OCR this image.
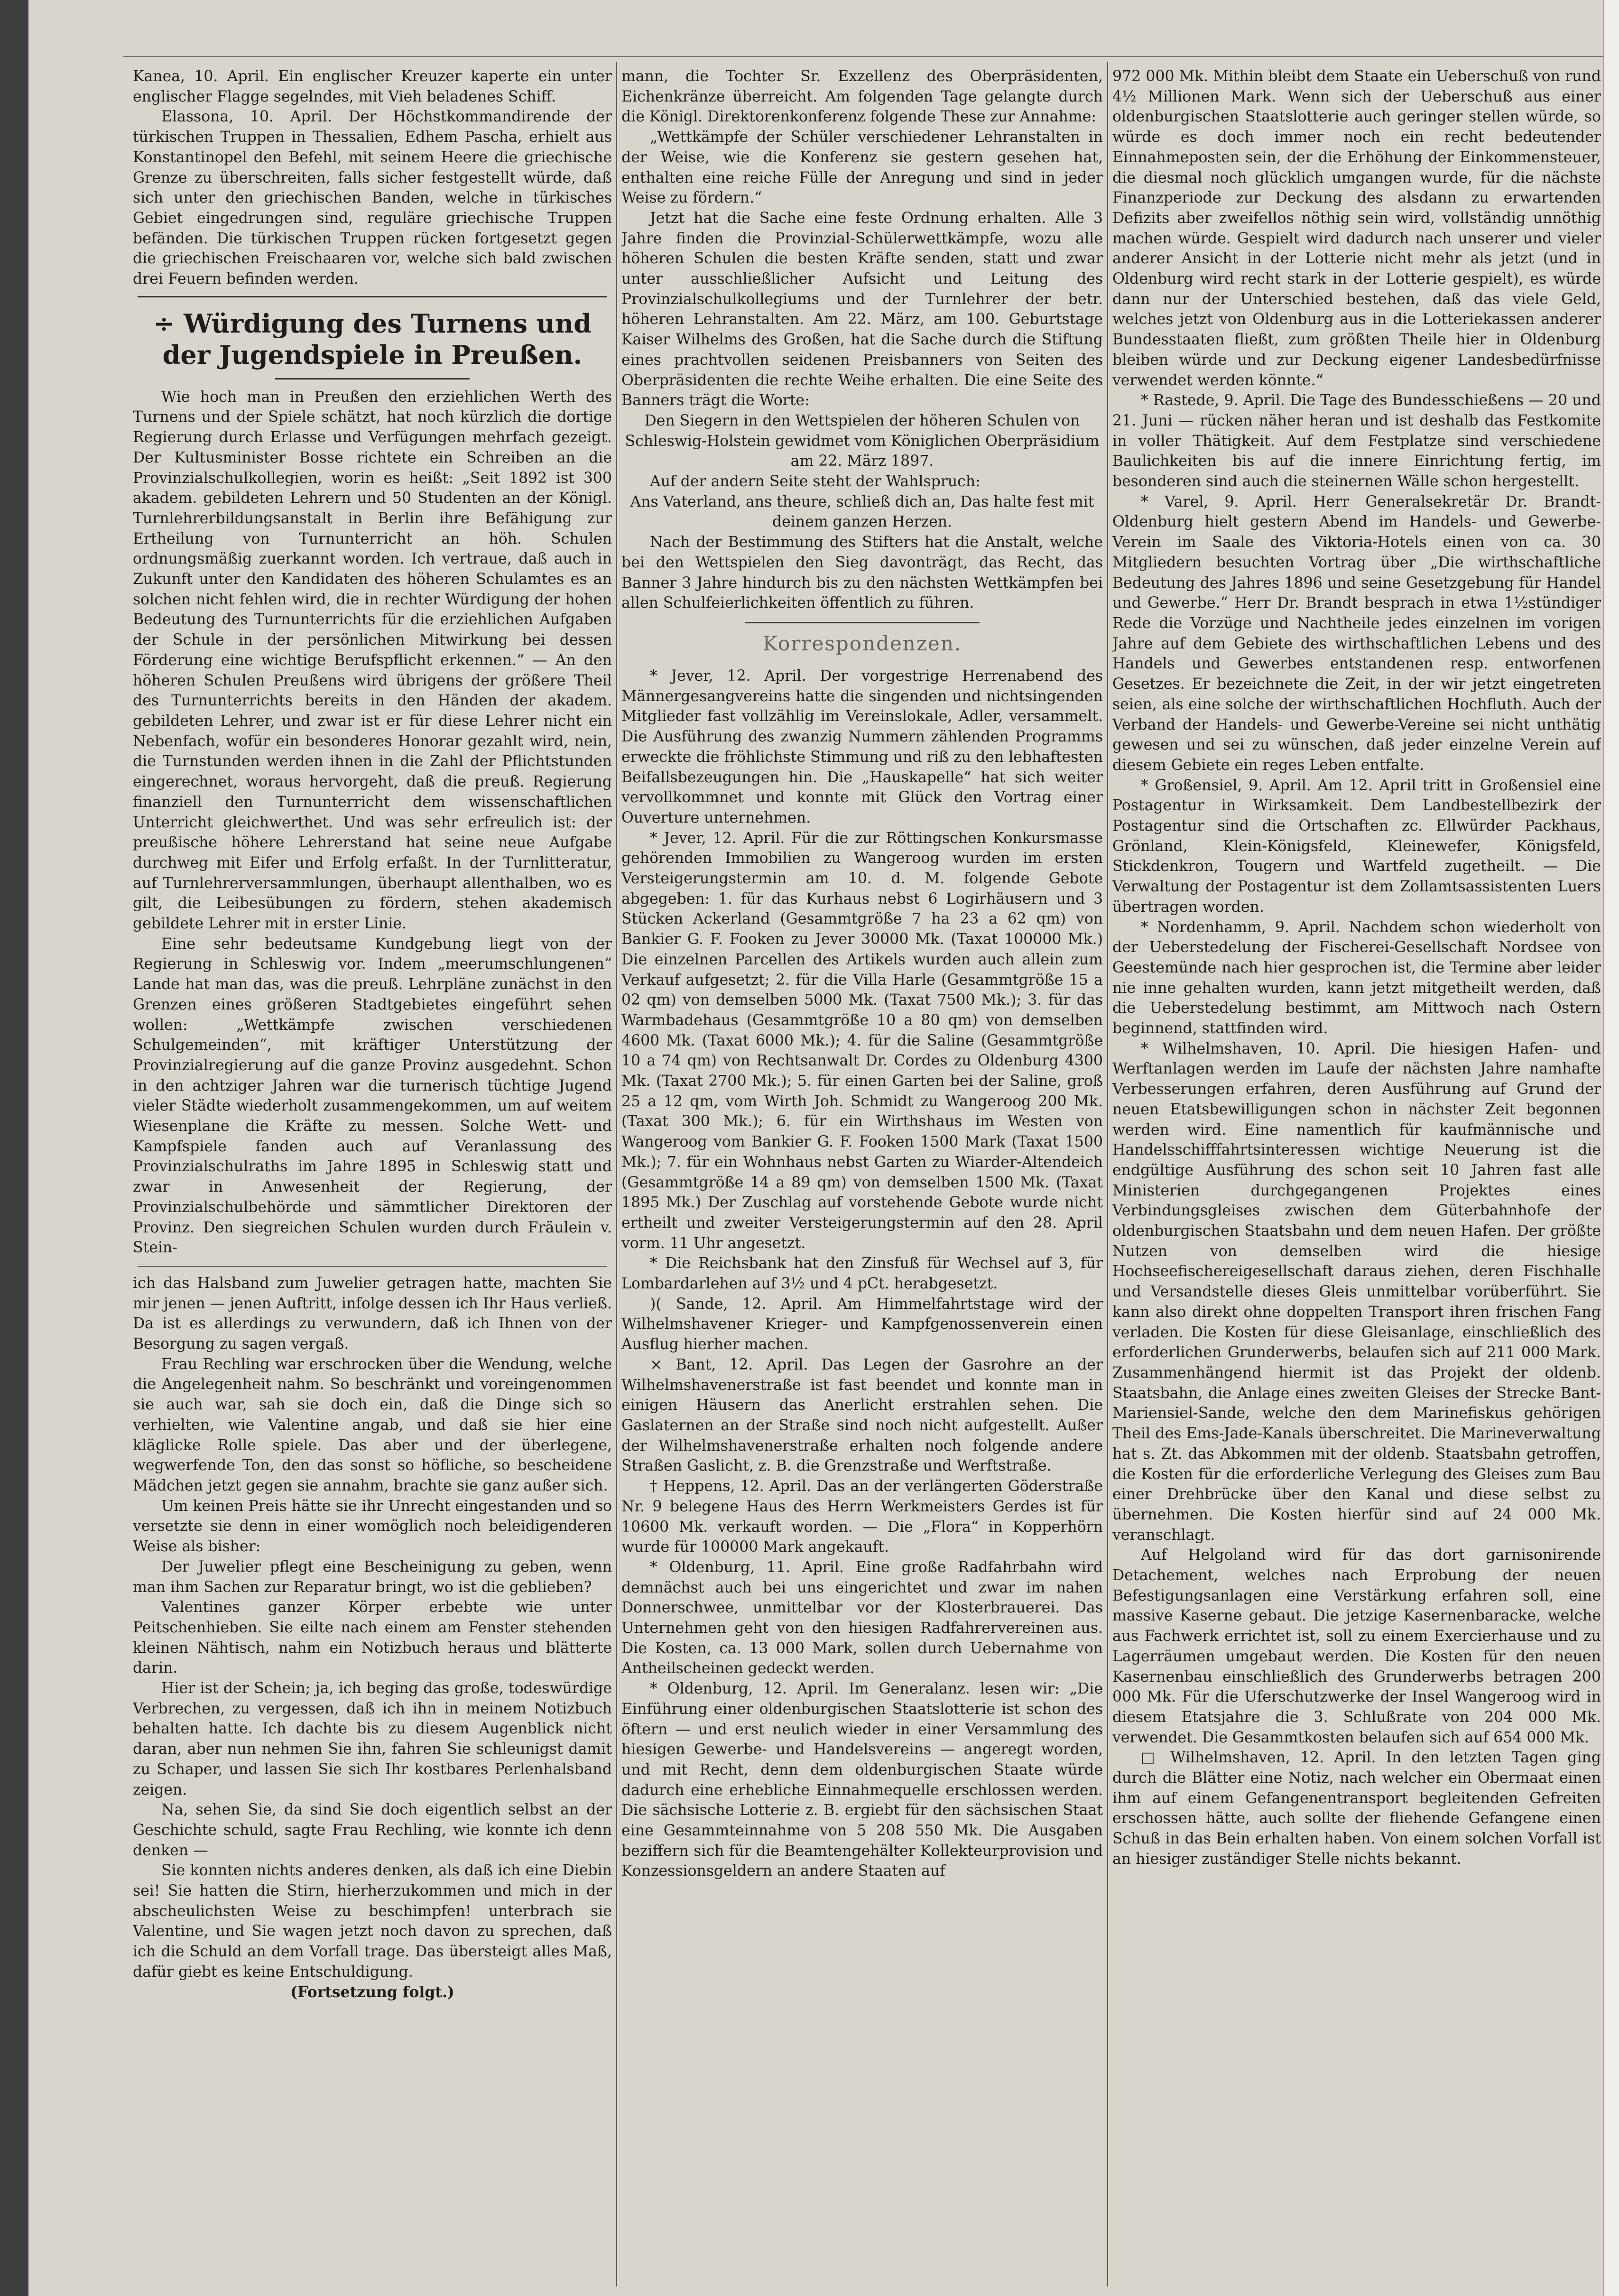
Kanea, 10. April. Ein englischer Kreuzer kaperte ein unter englischer Flagge segelndes, mit Vieh beladenes Schiff.

Elassona, 10. April. Der Höchstkommandirende der türkischen Truppen in Thessalien, Edhem Pascha, erhielt aus Konstantinopel den Befehl, mit seinem Heere die griechische Grenze zu überschreiten, falls sicher festgestellt würde, daß sich unter den griechischen Banden, welche in türkisches Gebiet eingedrungen sind, reguläre griechische Truppen befänden. Die türkischen Truppen rücken fortgesetzt gegen die griechischen Freischaaren vor, welche sich bald zwischen drei Feuern befinden werden.

÷ Würdigung des Turnens und der Jugendspiele in Preußen.

Wie hoch man in Preußen den erziehlichen Werth des Turnens und der Spiele schätzt, hat noch kürzlich die dortige Regierung durch Erlasse und Verfügungen mehrfach gezeigt. Der Kultusminister Bosse richtete ein Schreiben an die Provinzialschulkollegien, worin es heißt: „Seit 1892 ist 300 akadem. gebildeten Lehrern und 50 Studenten an der Königl. Turnlehrerbildungsanstalt in Berlin ihre Befähigung zur Ertheilung von Turnunterricht an höh. Schulen ordnungsmäßig zuerkannt worden. Ich vertraue, daß auch in Zukunft unter den Kandidaten des höheren Schulamtes es an solchen nicht fehlen wird, die in rechter Würdigung der hohen Bedeutung des Turnunterrichts für die erziehlichen Aufgaben der Schule in der persönlichen Mitwirkung bei dessen Förderung eine wichtige Berufspflicht erkennen.“ — An den höheren Schulen Preußens wird übrigens der größere Theil des Turnunterrichts bereits in den Händen der akadem. gebildeten Lehrer, und zwar ist er für diese Lehrer nicht ein Nebenfach, wofür ein besonderes Honorar gezahlt wird, nein, die Turnstunden werden ihnen in die Zahl der Pflichtstunden eingerechnet, woraus hervorgeht, daß die preuß. Regierung finanziell den Turnunterricht dem wissenschaftlichen Unterricht gleichwerthet. Und was sehr erfreulich ist: der preußische höhere Lehrerstand hat seine neue Aufgabe durchweg mit Eifer und Erfolg erfaßt. In der Turnlitteratur, auf Turnlehrerversammlungen, überhaupt allenthalben, wo es gilt, die Leibesübungen zu fördern, stehen akademisch gebildete Lehrer mit in erster Linie.

Eine sehr bedeutsame Kundgebung liegt von der Regierung in Schleswig vor. Indem „meerumschlungenen“ Lande hat man das, was die preuß. Lehrpläne zunächst in den Grenzen eines größeren Stadtgebietes eingeführt sehen wollen: „Wettkämpfe zwischen verschiedenen Schulgemeinden“, mit kräftiger Unterstützung der Provinzialregierung auf die ganze Provinz ausgedehnt. Schon in den achtziger Jahren war die turnerisch tüchtige Jugend vieler Städte wiederholt zusammengekommen, um auf weitem Wiesenplane die Kräfte zu messen. Solche Wett- und Kampfspiele fanden auch auf Veranlassung des Provinzialschulraths im Jahre 1895 in Schleswig statt und zwar in Anwesenheit der Regierung, der Provinzialschulbehörde und sämmtlicher Direktoren der Provinz. Den siegreichen Schulen wurden durch Fräulein v. Stein-

ich das Halsband zum Juwelier getragen hatte, machten Sie mir jenen — jenen Auftritt, infolge dessen ich Ihr Haus verließ. Da ist es allerdings zu verwundern, daß ich Ihnen von der Besorgung zu sagen vergaß.

Frau Rechling war erschrocken über die Wendung, welche die Angelegenheit nahm. So beschränkt und voreingenommen sie auch war, sah sie doch ein, daß die Dinge sich so verhielten, wie Valentine angab, und daß sie hier eine kläglicke Rolle spiele. Das aber und der überlegene, wegwerfende Ton, den das sonst so höfliche, so bescheidene Mädchen jetzt gegen sie annahm, brachte sie ganz außer sich.

Um keinen Preis hätte sie ihr Unrecht eingestanden und so versetzte sie denn in einer womöglich noch beleidigenderen Weise als bisher:

Der Juwelier pflegt eine Bescheinigung zu geben, wenn man ihm Sachen zur Reparatur bringt, wo ist die geblieben?

Valentines ganzer Körper erbebte wie unter Peitschenhieben. Sie eilte nach einem am Fenster stehenden kleinen Nähtisch, nahm ein Notizbuch heraus und blätterte darin.

Hier ist der Schein; ja, ich beging das große, todeswürdige Verbrechen, zu vergessen, daß ich ihn in meinem Notizbuch behalten hatte. Ich dachte bis zu diesem Augenblick nicht daran, aber nun nehmen Sie ihn, fahren Sie schleunigst damit zu Schaper, und lassen Sie sich Ihr kostbares Perlenhalsband zeigen.

Na, sehen Sie, da sind Sie doch eigentlich selbst an der Geschichte schuld, sagte Frau Rechling, wie konnte ich denn denken —

Sie konnten nichts anderes denken, als daß ich eine Diebin sei! Sie hatten die Stirn, hierherzukommen und mich in der abscheulichsten Weise zu beschimpfen! unterbrach sie Valentine, und Sie wagen jetzt noch davon zu sprechen, daß ich die Schuld an dem Vorfall trage. Das übersteigt alles Maß, dafür giebt es keine Entschuldigung.

(Fortsetzung folgt.)

mann, die Tochter Sr. Exzellenz des Oberpräsidenten, Eichenkränze überreicht. Am folgenden Tage gelangte durch die Königl. Direktorenkonferenz folgende These zur Annahme:

„Wettkämpfe der Schüler verschiedener Lehranstalten in der Weise, wie die Konferenz sie gestern gesehen hat, enthalten eine reiche Fülle der Anregung und sind in jeder Weise zu fördern.“

Jetzt hat die Sache eine feste Ordnung erhalten. Alle 3 Jahre finden die Provinzial-Schülerwettkämpfe, wozu alle höheren Schulen die besten Kräfte senden, statt und zwar unter ausschließlicher Aufsicht und Leitung des Provinzialschulkollegiums und der Turnlehrer der betr. höheren Lehranstalten. Am 22. März, am 100. Geburtstage Kaiser Wilhelms des Großen, hat die Sache durch die Stiftung eines prachtvollen seidenen Preisbanners von Seiten des Oberpräsidenten die rechte Weihe erhalten. Die eine Seite des Banners trägt die Worte:

Den Siegern in den Wettspielen der höheren Schulen von Schleswig-Holstein gewidmet vom Königlichen Oberpräsidium am 22. März 1897.

Auf der andern Seite steht der Wahlspruch:

Ans Vaterland, ans theure, schließ dich an, Das halte fest mit deinem ganzen Herzen.

Nach der Bestimmung des Stifters hat die Anstalt, welche bei den Wettspielen den Sieg davonträgt, das Recht, das Banner 3 Jahre hindurch bis zu den nächsten Wettkämpfen bei allen Schulfeierlichkeiten öffentlich zu führen.

Korrespondenzen.

* Jever, 12. April. Der vorgestrige Herrenabend des Männergesangvereins hatte die singenden und nichtsingenden Mitglieder fast vollzählig im Vereinslokale, Adler, versammelt. Die Ausführung des zwanzig Nummern zählenden Programms erweckte die fröhlichste Stimmung und riß zu den lebhaftesten Beifallsbezeugungen hin. Die „Hauskapelle“ hat sich weiter vervollkommnet und konnte mit Glück den Vortrag einer Ouverture unternehmen.

* Jever, 12. April. Für die zur Röttingschen Konkursmasse gehörenden Immobilien zu Wangeroog wurden im ersten Versteigerungstermin am 10. d. M. folgende Gebote abgegeben: 1. für das Kurhaus nebst 6 Logirhäusern und 3 Stücken Ackerland (Gesammtgröße 7 ha 23 a 62 qm) von Bankier G. F. Fooken zu Jever 30000 Mk. (Taxat 100000 Mk.) Die einzelnen Parcellen des Artikels wurden auch allein zum Verkauf aufgesetzt; 2. für die Villa Harle (Gesammtgröße 15 a 02 qm) von demselben 5000 Mk. (Taxat 7500 Mk.); 3. für das Warmbadehaus (Gesammtgröße 10 a 80 qm) von demselben 4600 Mk. (Taxat 6000 Mk.); 4. für die Saline (Gesammtgröße 10 a 74 qm) von Rechtsanwalt Dr. Cordes zu Oldenburg 4300 Mk. (Taxat 2700 Mk.); 5. für einen Garten bei der Saline, groß 25 a 12 qm, vom Wirth Joh. Schmidt zu Wangeroog 200 Mk. (Taxat 300 Mk.); 6. für ein Wirthshaus im Westen von Wangeroog vom Bankier G. F. Fooken 1500 Mark (Taxat 1500 Mk.); 7. für ein Wohnhaus nebst Garten zu Wiarder-Altendeich (Gesammtgröße 14 a 89 qm) von demselben 1500 Mk. (Taxat 1895 Mk.) Der Zuschlag auf vorstehende Gebote wurde nicht ertheilt und zweiter Versteigerungstermin auf den 28. April vorm. 11 Uhr angesetzt.

* Die Reichsbank hat den Zinsfuß für Wechsel auf 3, für Lombardarlehen auf 3½ und 4 pCt. herabgesetzt.

)( Sande, 12. April. Am Himmelfahrtstage wird der Wilhelmshavener Krieger- und Kampfgenossenverein einen Ausflug hierher machen.

× Bant, 12. April. Das Legen der Gasrohre an der Wilhelmshavenerstraße ist fast beendet und konnte man in einigen Häusern das Anerlicht erstrahlen sehen. Die Gaslaternen an der Straße sind noch nicht aufgestellt. Außer der Wilhelmshavenerstraße erhalten noch folgende andere Straßen Gaslicht, z. B. die Grenzstraße und Werftstraße.

† Heppens, 12. April. Das an der verlängerten Göderstraße Nr. 9 belegene Haus des Herrn Werkmeisters Gerdes ist für 10600 Mk. verkauft worden. — Die „Flora“ in Kopperhörn wurde für 100000 Mark angekauft.

* Oldenburg, 11. April. Eine große Radfahrbahn wird demnächst auch bei uns eingerichtet und zwar im nahen Donnerschwee, unmittelbar vor der Klosterbrauerei. Das Unternehmen geht von den hiesigen Radfahrervereinen aus. Die Kosten, ca. 13 000 Mark, sollen durch Uebernahme von Antheilscheinen gedeckt werden.

* Oldenburg, 12. April. Im Generalanz. lesen wir: „Die Einführung einer oldenburgischen Staatslotterie ist schon des öftern — und erst neulich wieder in einer Versammlung des hiesigen Gewerbe- und Handelsvereins — angeregt worden, und mit Recht, denn dem oldenburgischen Staate würde dadurch eine erhebliche Einnahmequelle erschlossen werden. Die sächsische Lotterie z. B. ergiebt für den sächsischen Staat eine Gesammteinnahme von 5 208 550 Mk. Die Ausgaben beziffern sich für die Beamtengehälter Kollekteurprovision und Konzessionsgeldern an andere Staaten auf

972 000 Mk. Mithin bleibt dem Staate ein Ueberschuß von rund 4½ Millionen Mark. Wenn sich der Ueberschuß aus einer oldenburgischen Staatslotterie auch geringer stellen würde, so würde es doch immer noch ein recht bedeutender Einnahmeposten sein, der die Erhöhung der Einkommensteuer, die diesmal noch glücklich umgangen wurde, für die nächste Finanzperiode zur Deckung des alsdann zu erwartenden Defizits aber zweifellos nöthig sein wird, vollständig unnöthig machen würde. Gespielt wird dadurch nach unserer und vieler anderer Ansicht in der Lotterie nicht mehr als jetzt (und in Oldenburg wird recht stark in der Lotterie gespielt), es würde dann nur der Unterschied bestehen, daß das viele Geld, welches jetzt von Oldenburg aus in die Lotteriekassen anderer Bundesstaaten fließt, zum größten Theile hier in Oldenburg bleiben würde und zur Deckung eigener Landesbedürfnisse verwendet werden könnte.“

* Rastede, 9. April. Die Tage des Bundesschießens — 20 und 21. Juni — rücken näher heran und ist deshalb das Festkomite in voller Thätigkeit. Auf dem Festplatze sind verschiedene Baulichkeiten bis auf die innere Einrichtung fertig, im besonderen sind auch die steinernen Wälle schon hergestellt.

* Varel, 9. April. Herr Generalsekretär Dr. Brandt-Oldenburg hielt gestern Abend im Handels- und Gewerbe-Verein im Saale des Viktoria-Hotels einen von ca. 30 Mitgliedern besuchten Vortrag über „Die wirthschaftliche Bedeutung des Jahres 1896 und seine Gesetzgebung für Handel und Gewerbe.“ Herr Dr. Brandt besprach in etwa 1½stündiger Rede die Vorzüge und Nachtheile jedes einzelnen im vorigen Jahre auf dem Gebiete des wirthschaftlichen Lebens und des Handels und Gewerbes entstandenen resp. entworfenen Gesetzes. Er bezeichnete die Zeit, in der wir jetzt eingetreten seien, als eine solche der wirthschaftlichen Hochfluth. Auch der Verband der Handels- und Gewerbe-Vereine sei nicht unthätig gewesen und sei zu wünschen, daß jeder einzelne Verein auf diesem Gebiete ein reges Leben entfalte.

* Großensiel, 9. April. Am 12. April tritt in Großensiel eine Postagentur in Wirksamkeit. Dem Landbestellbezirk der Postagentur sind die Ortschaften zc. Ellwürder Packhaus, Grönland, Klein-Königsfeld, Kleinewefer, Königsfeld, Stickdenkron, Tougern und Wartfeld zugetheilt. — Die Verwaltung der Postagentur ist dem Zollamtsassistenten Luers übertragen worden.

* Nordenhamm, 9. April. Nachdem schon wiederholt von der Ueberstedelung der Fischerei-Gesellschaft Nordsee von Geestemünde nach hier gesprochen ist, die Termine aber leider nie inne gehalten wurden, kann jetzt mitgetheilt werden, daß die Ueberstedelung bestimmt, am Mittwoch nach Ostern beginnend, stattfinden wird.

* Wilhelmshaven, 10. April. Die hiesigen Hafen- und Werftanlagen werden im Laufe der nächsten Jahre namhafte Verbesserungen erfahren, deren Ausführung auf Grund der neuen Etatsbewilligungen schon in nächster Zeit begonnen werden wird. Eine namentlich für kaufmännische und Handelsschifffahrtsinteressen wichtige Neuerung ist die endgültige Ausführung des schon seit 10 Jahren fast alle Ministerien durchgegangenen Projektes eines Verbindungsgleises zwischen dem Güterbahnhofe der oldenburgischen Staatsbahn und dem neuen Hafen. Der größte Nutzen von demselben wird die hiesige Hochseefischereigesellschaft daraus ziehen, deren Fischhalle und Versandstelle dieses Gleis unmittelbar vorüberführt. Sie kann also direkt ohne doppelten Transport ihren frischen Fang verladen. Die Kosten für diese Gleisanlage, einschließlich des erforderlichen Grunderwerbs, belaufen sich auf 211 000 Mark. Zusammenhängend hiermit ist das Projekt der oldenb. Staatsbahn, die Anlage eines zweiten Gleises der Strecke Bant-Mariensiel-Sande, welche den dem Marinefiskus gehörigen Theil des Ems-Jade-Kanals überschreitet. Die Marineverwaltung hat s. Zt. das Abkommen mit der oldenb. Staatsbahn getroffen, die Kosten für die erforderliche Verlegung des Gleises zum Bau einer Drehbrücke über den Kanal und diese selbst zu übernehmen. Die Kosten hierfür sind auf 24 000 Mk. veranschlagt.

Auf Helgoland wird für das dort garnisonirende Detachement, welches nach Erprobung der neuen Befestigungsanlagen eine Verstärkung erfahren soll, eine massive Kaserne gebaut. Die jetzige Kasernenbaracke, welche aus Fachwerk errichtet ist, soll zu einem Exercierhause und zu Lagerräumen umgebaut werden. Die Kosten für den neuen Kasernenbau einschließlich des Grunderwerbs betragen 200 000 Mk. Für die Uferschutzwerke der Insel Wangeroog wird in diesem Etatsjahre die 3. Schlußrate von 204 000 Mk. verwendet. Die Gesammtkosten belaufen sich auf 654 000 Mk.

□ Wilhelmshaven, 12. April. In den letzten Tagen ging durch die Blätter eine Notiz, nach welcher ein Obermaat einen ihm auf einem Gefangenentransport begleitenden Gefreiten erschossen hätte, auch sollte der fliehende Gefangene einen Schuß in das Bein erhalten haben. Von einem solchen Vorfall ist an hiesiger zuständiger Stelle nichts bekannt.
